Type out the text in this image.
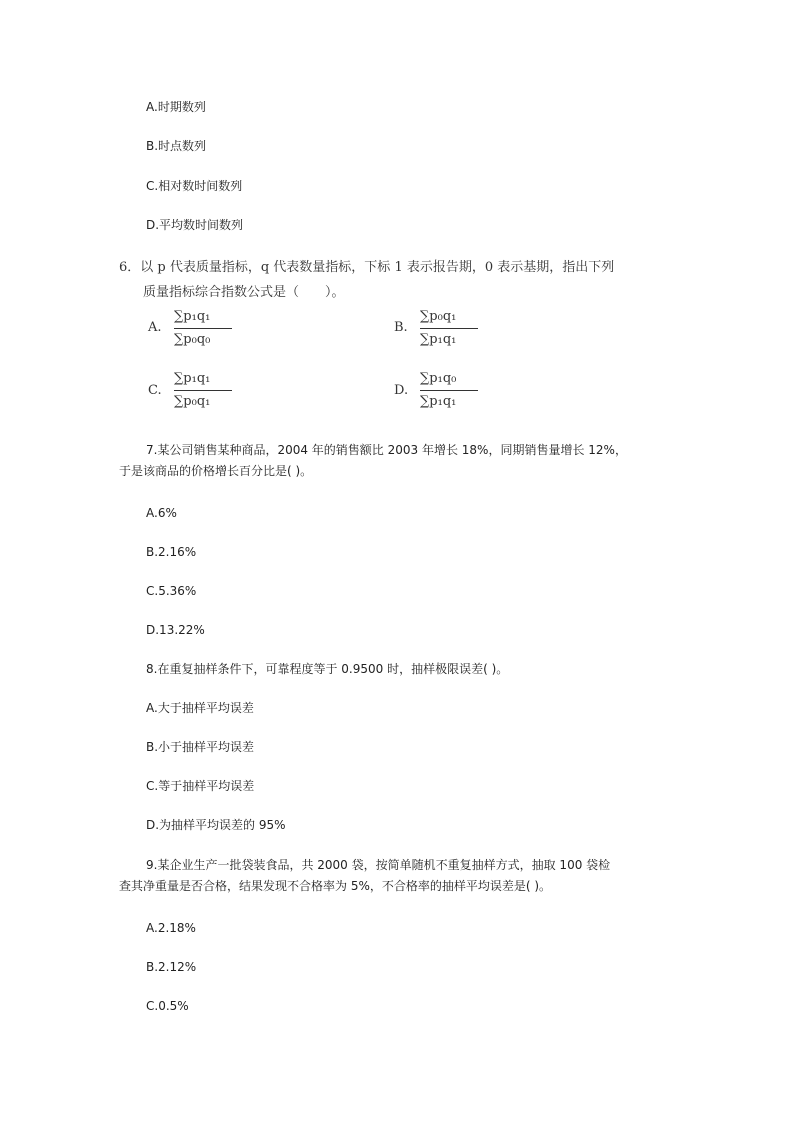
A.时期数列
B.时点数列
C.相对数时间数列
D.平均数时间数列
6．以 p 代表质量指标，q 代表数量指标，下标 1 表示报告期，0 表示基期，指出下列
质量指标综合指数公式是（　　）。
A.
∑p₁q₁
∑p₀q₀
B.
∑p₀q₁
∑p₁q₁
C.
∑p₁q₁
∑p₀q₁
D.
∑p₁q₀
∑p₁q₁
7.某公司销售某种商品，2004 年的销售额比 2003 年增长 18%，同期销售量增长 12%，
于是该商品的价格增长百分比是( )。
A.6%
B.2.16%
C.5.36%
D.13.22%
8.在重复抽样条件下，可靠程度等于 0.9500 时，抽样极限误差( )。
A.大于抽样平均误差
B.小于抽样平均误差
C.等于抽样平均误差
D.为抽样平均误差的 95%
9.某企业生产一批袋装食品，共 2000 袋，按简单随机不重复抽样方式，抽取 100 袋检
查其净重量是否合格，结果发现不合格率为 5%，不合格率的抽样平均误差是( )。
A.2.18%
B.2.12%
C.0.5%
